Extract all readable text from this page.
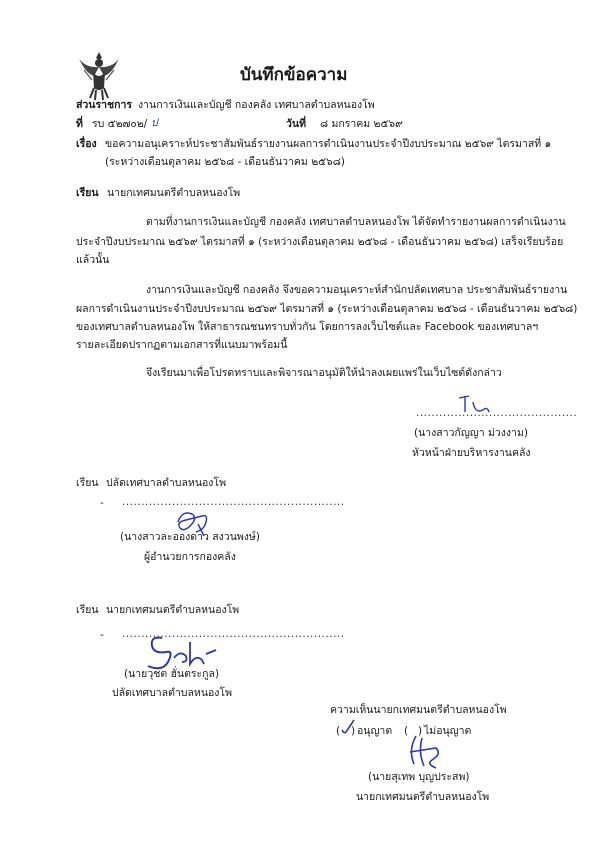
บันทึกข้อความ
ส่วนราชการ งานการเงินและบัญชี กองคลัง เทศบาลตำบลหนองโพ
ที่ รบ ๕๒๗๐๒/ ป	วันที่ ๘ มกราคม ๒๕๖๙
เรื่อง ขอความอนุเคราะห์ประชาสัมพันธ์รายงานผลการดำเนินงานประจำปีงบประมาณ ๒๕๖๙ ไตรมาสที่ ๑
(ระหว่างเดือนตุลาคม ๒๕๖๘ - เดือนธันวาคม ๒๕๖๘)
เรียน นายกเทศมนตรีตำบลหนองโพ
ตามที่งานการเงินและบัญชี กองคลัง เทศบาลตำบลหนองโพ ได้จัดทำรายงานผลการดำเนินงาน
ประจำปีงบประมาณ ๒๕๖๙ ไตรมาสที่ ๑ (ระหว่างเดือนตุลาคม ๒๕๖๘ - เดือนธันวาคม ๒๕๖๘) เสร็จเรียบร้อย
แล้วนั้น
งานการเงินและบัญชี กองคลัง จึงขอความอนุเคราะห์สำนักปลัดเทศบาล ประชาสัมพันธ์รายงาน
ผลการดำเนินงานประจำปีงบประมาณ ๒๕๖๙ ไตรมาสที่ ๑ (ระหว่างเดือนตุลาคม ๒๕๖๘ - เดือนธันวาคม ๒๕๖๘)
ของเทศบาลตำบลหนองโพ ให้สาธารณชนทราบทั่วกัน โดยการลงเว็บไซต์และ Facebook ของเทศบาลฯ
รายละเอียดปรากฏตามเอกสารที่แนบมาพร้อมนี้
จึงเรียนมาเพื่อโปรดทราบและพิจารณาอนุมัติให้นำลงเผยแพร่ในเว็บไซต์ดังกล่าว
..........................................
(นางสาวกัญญา ม่วงงาม)
หัวหน้าฝ่ายบริหารงานคลัง
เรียน ปลัดเทศบาลตำบลหนองโพ
- ..........................................................
(นางสาวละอองดาว สงวนพงษ์)
ผู้อำนวยการกองคลัง
เรียน นายกเทศมนตรีตำบลหนองโพ
- ..........................................................
(นายวุชต ฮั่นตระกูล)
ปลัดเทศบาลตำบลหนองโพ
ความเห็นนายกเทศมนตรีตำบลหนองโพ
( ) อนุญาต ( ) ไม่อนุญาต
(นายสุเทพ บุญประสพ)
นายกเทศมนตรีตำบลหนองโพ
